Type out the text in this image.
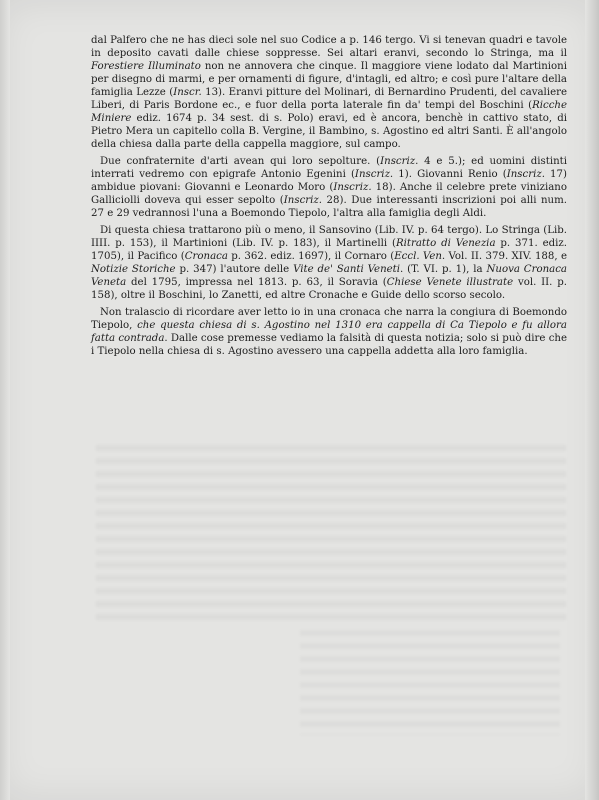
dal Palfero che ne has dieci sole nel suo Codice a p. 146 tergo. Vi si tenevan quadri e tavole in deposito cavati dalle chiese soppresse. Sei altari eranvi, secondo lo Stringa, ma il Forestiere Illuminato non ne annovera che cinque. Il maggiore viene lodato dal Martinioni per disegno di marmi, e per ornamenti di figure, d'intagli, ed altro; e così pure l'altare della famiglia Lezze (Inscr. 13). Eranvi pitture del Molinari, di Bernardino Prudenti, del cavaliere Liberi, di Paris Bordone ec., e fuor della porta laterale fin da' tempi del Boschini (Ricche Miniere ediz. 1674 p. 34 sest. di s. Polo) eravi, ed è ancora, benchè in cattivo stato, di Pietro Mera un capitello colla B. Vergine, il Bambino, s. Agostino ed altri Santi. È all'angolo della chiesa dalla parte della cappella maggiore, sul campo.

Due confraternite d'arti avean qui loro sepolture. (Inscriz. 4 e 5.); ed uomini distinti interrati vedremo con epigrafe Antonio Egenini (Inscriz. 1). Giovanni Renio (Inscriz. 17) ambidue piovani: Giovanni e Leonardo Moro (Inscriz. 18). Anche il celebre prete viniziano Galliciolli doveva qui esser sepolto (Inscriz. 28). Due interessanti inscrizioni poi alli num. 27 e 29 vedrannosi l'una a Boemondo Tiepolo, l'altra alla famiglia degli Aldi.

Di questa chiesa trattarono più o meno, il Sansovino (Lib. IV. p. 64 tergo). Lo Stringa (Lib. IIII. p. 153), il Martinioni (Lib. IV. p. 183), il Martinelli (Ritratto di Venezia p. 371. ediz. 1705), il Pacifico (Cronaca p. 362. ediz. 1697), il Cornaro (Eccl. Ven. Vol. II. 379. XIV. 188, e Notizie Storiche p. 347) l'autore delle Vite de' Santi Veneti. (T. VI. p. 1), la Nuova Cronaca Veneta del 1795, impressa nel 1813. p. 63, il Soravia (Chiese Venete illustrate vol. II. p. 158), oltre il Boschini, lo Zanetti, ed altre Cronache e Guide dello scorso secolo.

Non tralascio di ricordare aver letto io in una cronaca che narra la congiura di Boemondo Tiepolo, che questa chiesa di s. Agostino nel 1310 era cappella di Ca Tiepolo e fu allora fatta contrada. Dalle cose premesse vediamo la falsità di questa notizia; solo si può dire che i Tiepolo nella chiesa di s. Agostino avessero una cappella addetta alla loro famiglia.
